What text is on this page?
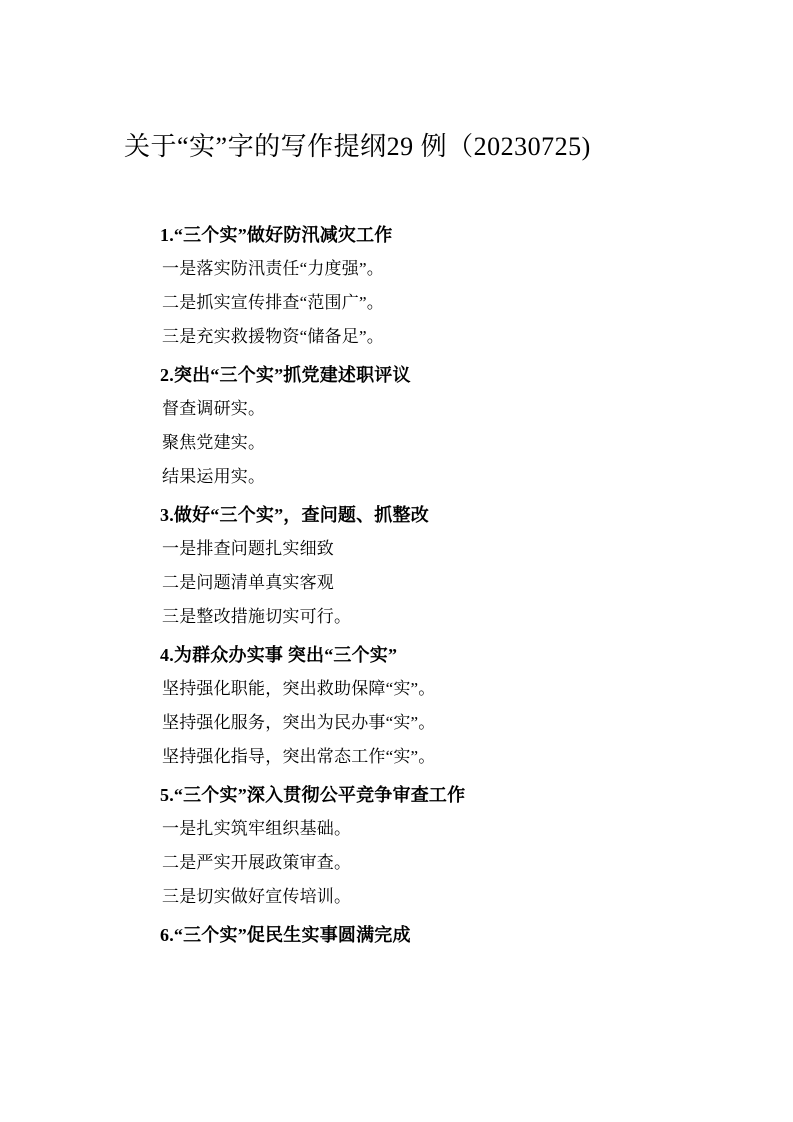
关于“实”字的写作提纲29 例（20230725)
1.“三个实”做好防汛减灾工作
一是落实防汛责任“力度强”。
二是抓实宣传排查“范围广”。
三是充实救援物资“储备足”。
2.突出“三个实”抓党建述职评议
督查调研实。
聚焦党建实。
结果运用实。
3.做好“三个实”，查问题、抓整改
一是排查问题扎实细致
二是问题清单真实客观
三是整改措施切实可行。
4.为群众办实事 突出“三个实”
坚持强化职能，突出救助保障“实”。
坚持强化服务，突出为民办事“实”。
坚持强化指导，突出常态工作“实”。
5.“三个实”深入贯彻公平竞争审查工作
一是扎实筑牢组织基础。
二是严实开展政策审查。
三是切实做好宣传培训。
6.“三个实”促民生实事圆满完成
